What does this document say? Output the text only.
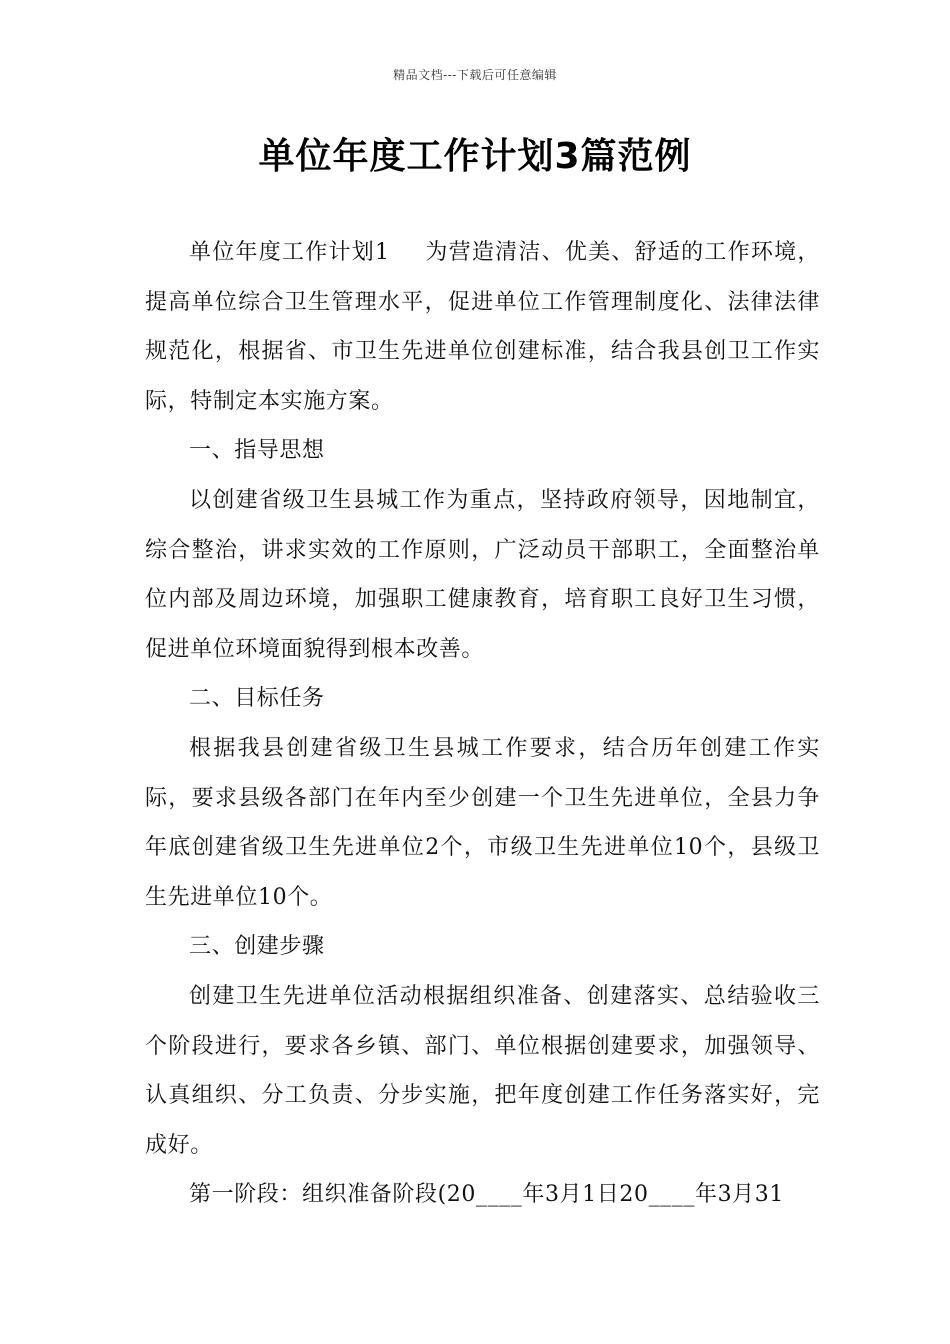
精品文档---下载后可任意编辑
单位年度工作计划3篇范例

单位年度工作计划1 为营造清洁、优美、舒适的工作环境，提高单位综合卫生管理水平，促进单位工作管理制度化、法律法律规范化，根据省、市卫生先进单位创建标准，结合我县创卫工作实际，特制定本实施方案。

一、指导思想

以创建省级卫生县城工作为重点，坚持政府领导，因地制宜，综合整治，讲求实效的工作原则，广泛动员干部职工，全面整治单位内部及周边环境，加强职工健康教育，培育职工良好卫生习惯，促进单位环境面貌得到根本改善。

二、目标任务

根据我县创建省级卫生县城工作要求，结合历年创建工作实际，要求县级各部门在年内至少创建一个卫生先进单位，全县力争年底创建省级卫生先进单位2个，市级卫生先进单位10个，县级卫生先进单位10个。

三、创建步骤

创建卫生先进单位活动根据组织准备、创建落实、总结验收三个阶段进行，要求各乡镇、部门、单位根据创建要求，加强领导、认真组织、分工负责、分步实施，把年度创建工作任务落实好，完成好。

第一阶段：组织准备阶段(20____年3月1日20____年3月31
